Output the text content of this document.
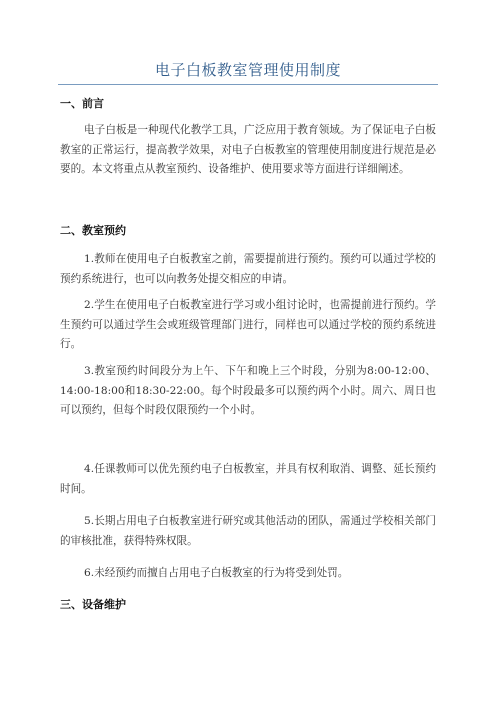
电子白板教室管理使用制度
一、前言

电子白板是一种现代化教学工具，广泛应用于教育领域。为了保证电子白板教室的正常运行，提高教学效果，对电子白板教室的管理使用制度进行规范是必要的。本文将重点从教室预约、设备维护、使用要求等方面进行详细阐述。

二、教室预约

1.教师在使用电子白板教室之前，需要提前进行预约。预约可以通过学校的预约系统进行，也可以向教务处提交相应的申请。

2.学生在使用电子白板教室进行学习或小组讨论时，也需提前进行预约。学生预约可以通过学生会或班级管理部门进行，同样也可以通过学校的预约系统进行。

3.教室预约时间段分为上午、下午和晚上三个时段，分别为8:00-12:00、14:00-18:00和18:30-22:00。每个时段最多可以预约两个小时。周六、周日也可以预约，但每个时段仅限预约一个小时。

4.任课教师可以优先预约电子白板教室，并具有权利取消、调整、延长预约时间。

5.长期占用电子白板教室进行研究或其他活动的团队，需通过学校相关部门的审核批准，获得特殊权限。

6.未经预约而擅自占用电子白板教室的行为将受到处罚。

三、设备维护
